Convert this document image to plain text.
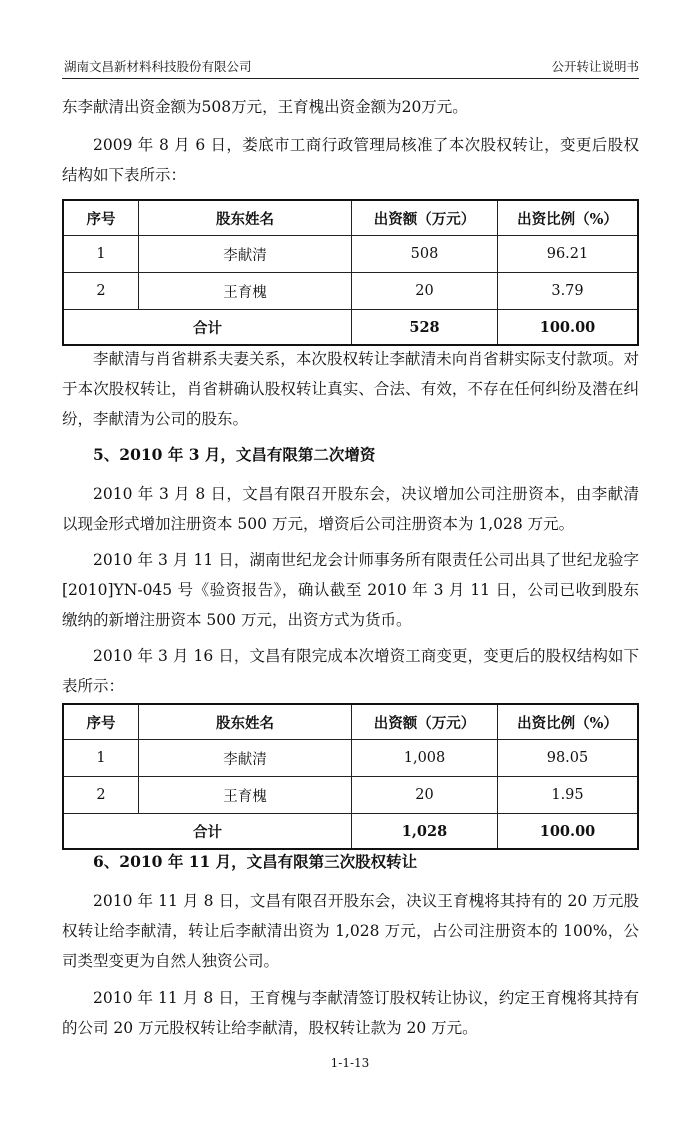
湖南文昌新材料科技股份有限公司	公开转让说明书

东李献清出资金额为508万元，王育槐出资金额为20万元。

2009 年 8 月 6 日，娄底市工商行政管理局核准了本次股权转让，变更后股权结构如下表所示：

序号	股东姓名	出资额（万元）	出资比例（%）
1	李献清	508	96.21
2	王育槐	20	3.79
合计		528	100.00

李献清与肖省耕系夫妻关系，本次股权转让李献清未向肖省耕实际支付款项。对于本次股权转让，肖省耕确认股权转让真实、合法、有效，不存在任何纠纷及潜在纠纷，李献清为公司的股东。

5、2010 年 3 月，文昌有限第二次增资

2010 年 3 月 8 日，文昌有限召开股东会，决议增加公司注册资本，由李献清以现金形式增加注册资本 500 万元，增资后公司注册资本为 1,028 万元。

2010 年 3 月 11 日，湖南世纪龙会计师事务所有限责任公司出具了世纪龙验字[2010]YN-045 号《验资报告》，确认截至 2010 年 3 月 11 日，公司已收到股东缴纳的新增注册资本 500 万元，出资方式为货币。

2010 年 3 月 16 日，文昌有限完成本次增资工商变更，变更后的股权结构如下表所示：

序号	股东姓名	出资额（万元）	出资比例（%）
1	李献清	1,008	98.05
2	王育槐	20	1.95
合计		1,028	100.00

6、2010 年 11 月，文昌有限第三次股权转让

2010 年 11 月 8 日，文昌有限召开股东会，决议王育槐将其持有的 20 万元股权转让给李献清，转让后李献清出资为 1,028 万元，占公司注册资本的 100%，公司类型变更为自然人独资公司。

2010 年 11 月 8 日，王育槐与李献清签订股权转让协议，约定王育槐将其持有的公司 20 万元股权转让给李献清，股权转让款为 20 万元。

1-1-13
